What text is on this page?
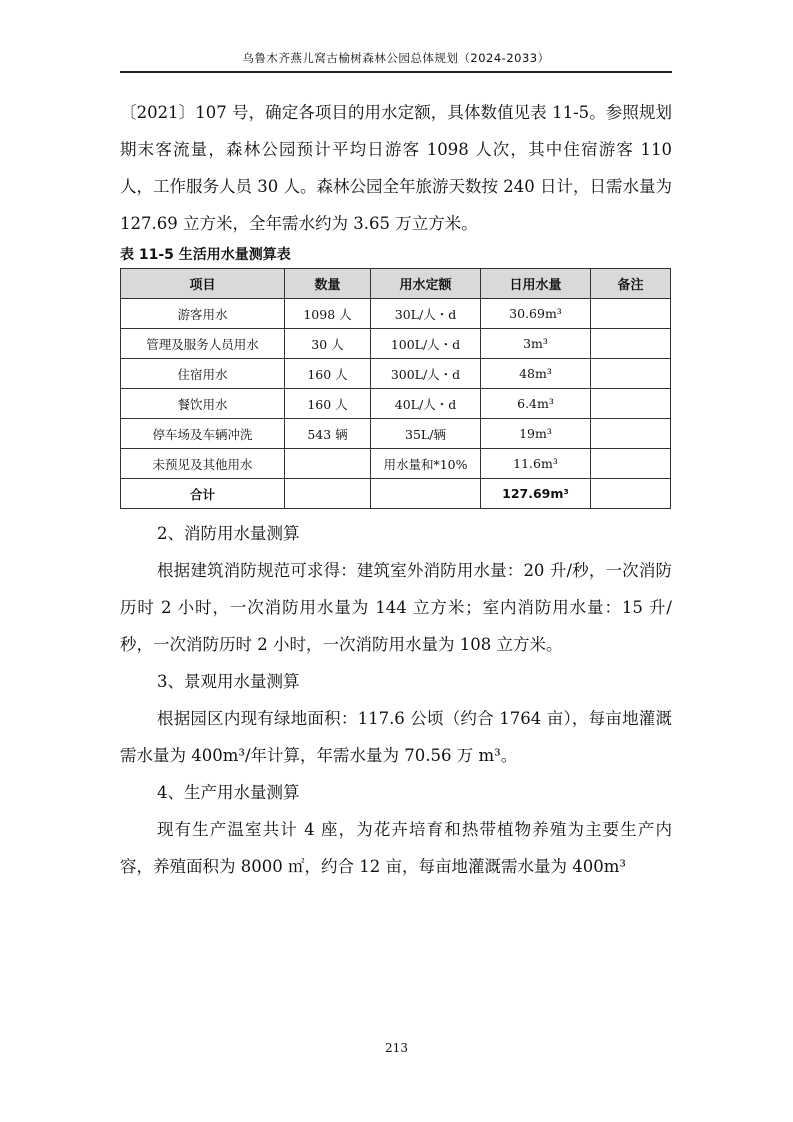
乌鲁木齐燕儿窝古榆树森林公园总体规划（2024-2033）

〔2021〕107 号，确定各项目的用水定额，具体数值见表 11-5。参照规划期末客流量，森林公园预计平均日游客 1098 人次，其中住宿游客 110 人，工作服务人员 30 人。森林公园全年旅游天数按 240 日计，日需水量为 127.69 立方米，全年需水约为 3.65 万立方米。

表 11-5 生活用水量测算表
项目	数量	用水定额	日用水量	备注
游客用水	1098 人	30L/人・d	30.69m³	
管理及服务人员用水	30 人	100L/人・d	3m³	
住宿用水	160 人	300L/人・d	48m³	
餐饮用水	160 人	40L/人・d	6.4m³	
停车场及车辆冲洗	543 辆	35L/辆	19m³	
未预见及其他用水		用水量和*10%	11.6m³	
合计			127.69m³	
2、消防用水量测算

根据建筑消防规范可求得：建筑室外消防用水量：20 升/秒，一次消防历时 2 小时，一次消防用水量为 144 立方米；室内消防用水量：15 升/秒，一次消防历时 2 小时，一次消防用水量为 108 立方米。

3、景观用水量测算

根据园区内现有绿地面积：117.6 公顷（约合 1764 亩），每亩地灌溉需水量为 400m³/年计算，年需水量为 70.56 万 m³。

4、生产用水量测算

现有生产温室共计 4 座，为花卉培育和热带植物养殖为主要生产内容，养殖面积为 8000 ㎡，约合 12 亩，每亩地灌溉需水量为 400m³

213
